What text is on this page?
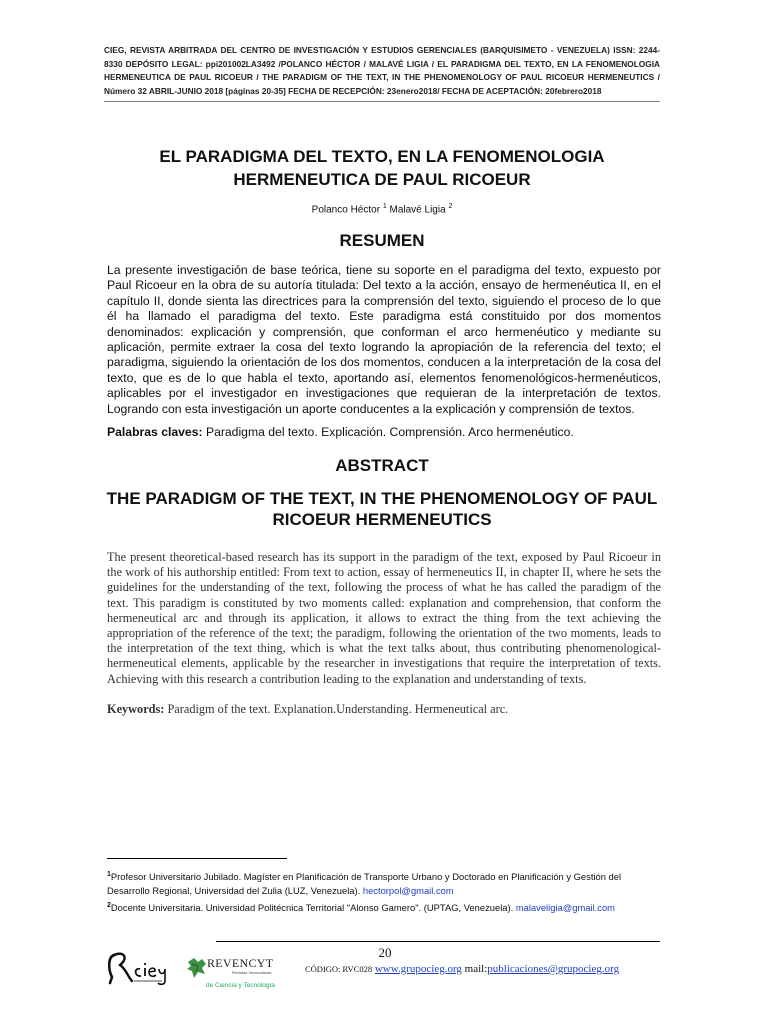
CIEG, REVISTA ARBITRADA DEL CENTRO DE INVESTIGACIÓN Y ESTUDIOS GERENCIALES (BARQUISIMETO - VENEZUELA) ISSN: 2244-8330 DEPÓSITO LEGAL: ppi201002LA3492 /POLANCO HÉCTOR / MALAVÉ LIGIA / EL PARADIGMA DEL TEXTO, EN LA FENOMENOLOGIA HERMENEUTICA DE PAUL RICOEUR / THE PARADIGM OF THE TEXT, IN THE PHENOMENOLOGY OF PAUL RICOEUR HERMENEUTICS / Número 32 ABRIL-JUNIO 2018 [páginas 20-35] FECHA DE RECEPCIÓN: 23enero2018/ FECHA DE ACEPTACIÓN: 20febrero2018
EL PARADIGMA DEL TEXTO, EN LA FENOMENOLOGIA HERMENEUTICA DE PAUL RICOEUR
Polanco Héctor $^1$ Malavé Ligia $^2$
RESUMEN
La presente investigación de base teórica, tiene su soporte en el paradigma del texto, expuesto por Paul Ricoeur en la obra de su autoría titulada: Del texto a la acción, ensayo de hermenéutica II, en el capítulo II, donde sienta las directrices para la comprensión del texto, siguiendo el proceso de lo que él ha llamado el paradigma del texto. Este paradigma está constituido por dos momentos denominados: explicación y comprensión, que conforman el arco hermenéutico y mediante su aplicación, permite extraer la cosa del texto logrando la apropiación de la referencia del texto; el paradigma, siguiendo la orientación de los dos momentos, conducen a la interpretación de la cosa del texto, que es de lo que habla el texto, aportando así, elementos fenomenológicos-hermenéuticos, aplicables por el investigador en investigaciones que requieran de la interpretación de textos. Logrando con esta investigación un aporte conducentes a la explicación y comprensión de textos.
Palabras claves: Paradigma del texto. Explicación. Comprensión. Arco hermenéutico.
ABSTRACT
THE PARADIGM OF THE TEXT, IN THE PHENOMENOLOGY OF PAUL RICOEUR HERMENEUTICS
The present theoretical-based research has its support in the paradigm of the text, exposed by Paul Ricoeur in the work of his authorship entitled: From text to action, essay of hermeneutics II, in chapter II, where he sets the guidelines for the understanding of the text, following the process of what he has called the paradigm of the text. This paradigm is constituted by two moments called: explanation and comprehension, that conform the hermeneutical arc and through its application, it allows to extract the thing from the text achieving the appropriation of the reference of the text; the paradigm, following the orientation of the two moments, leads to the interpretation of the text thing, which is what the text talks about, thus contributing phenomenological-hermeneutical elements, applicable by the researcher in investigations that require the interpretation of texts. Achieving with this research a contribution leading to the explanation and understanding of texts.
Keywords: Paradigm of the text. Explanation.Understanding. Hermeneutical arc.
$^1$Profesor Universitario Jubilado. Magíster en Planificación de Transporte Urbano y Doctorado en Planificación y Gestión del Desarrollo Regional, Universidad del Zulia (LUZ, Venezuela). hectorpol@gmail.com
$^2$Docente Universitaria. Universidad Politécnica Territorial "Alonso Gamero". (UPTAG, Venezuela). malaveligia@gmail.com
20
REVENCYT
Revistas Venezolanas
de Ciencia y Tecnología
CÓDIGO: RVC028 www.grupocieg.org mail:publicaciones@grupocieg.org
